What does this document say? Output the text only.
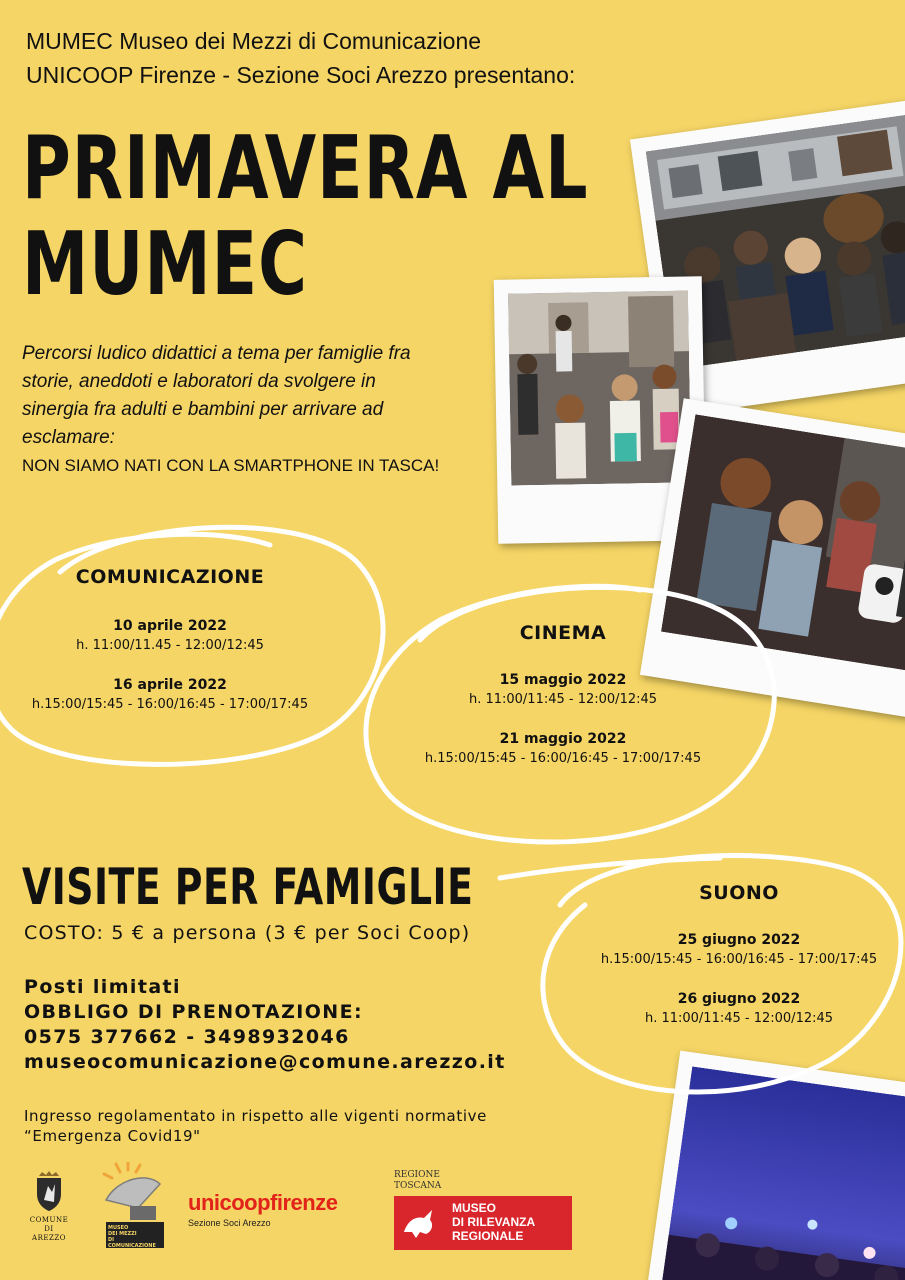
MUMEC Museo dei Mezzi di Comunicazione
UNICOOP Firenze - Sezione Soci Arezzo presentano:
PRIMAVERA AL
MUMEC
Percorsi ludico didattici a tema per famiglie fra
storie, aneddoti e laboratori da svolgere in
sinergia fra adulti e bambini per arrivare ad
esclamare:
NON SIAMO NATI CON LA SMARTPHONE IN TASCA!
COMUNICAZIONE
10 aprile 2022
h. 11:00/11.45 - 12:00/12:45
16 aprile 2022
h.15:00/15:45 - 16:00/16:45 - 17:00/17:45
CINEMA
15 maggio 2022
h. 11:00/11:45 - 12:00/12:45
21 maggio 2022
h.15:00/15:45 - 16:00/16:45 - 17:00/17:45
SUONO
25 giugno 2022
h.15:00/15:45 - 16:00/16:45 - 17:00/17:45
26 giugno 2022
h. 11:00/11:45 - 12:00/12:45
VISITE PER FAMIGLIE
COSTO: 5 € a persona (3 € per Soci Coop)
Posti limitati
OBBLIGO DI PRENOTAZIONE:
0575 377662 - 3498932046
museocomunicazione@comune.arezzo.it
Ingresso regolamentato in rispetto alle vigenti normative
“Emergenza Covid19"
COMUNE
DI
AREZZO
MUSEO
DEI MEZZI
DI COMUNICAZIONE
unicoopfirenze
Sezione Soci Arezzo
REGIONE
TOSCANA
MUSEO
DI RILEVANZA
REGIONALE
